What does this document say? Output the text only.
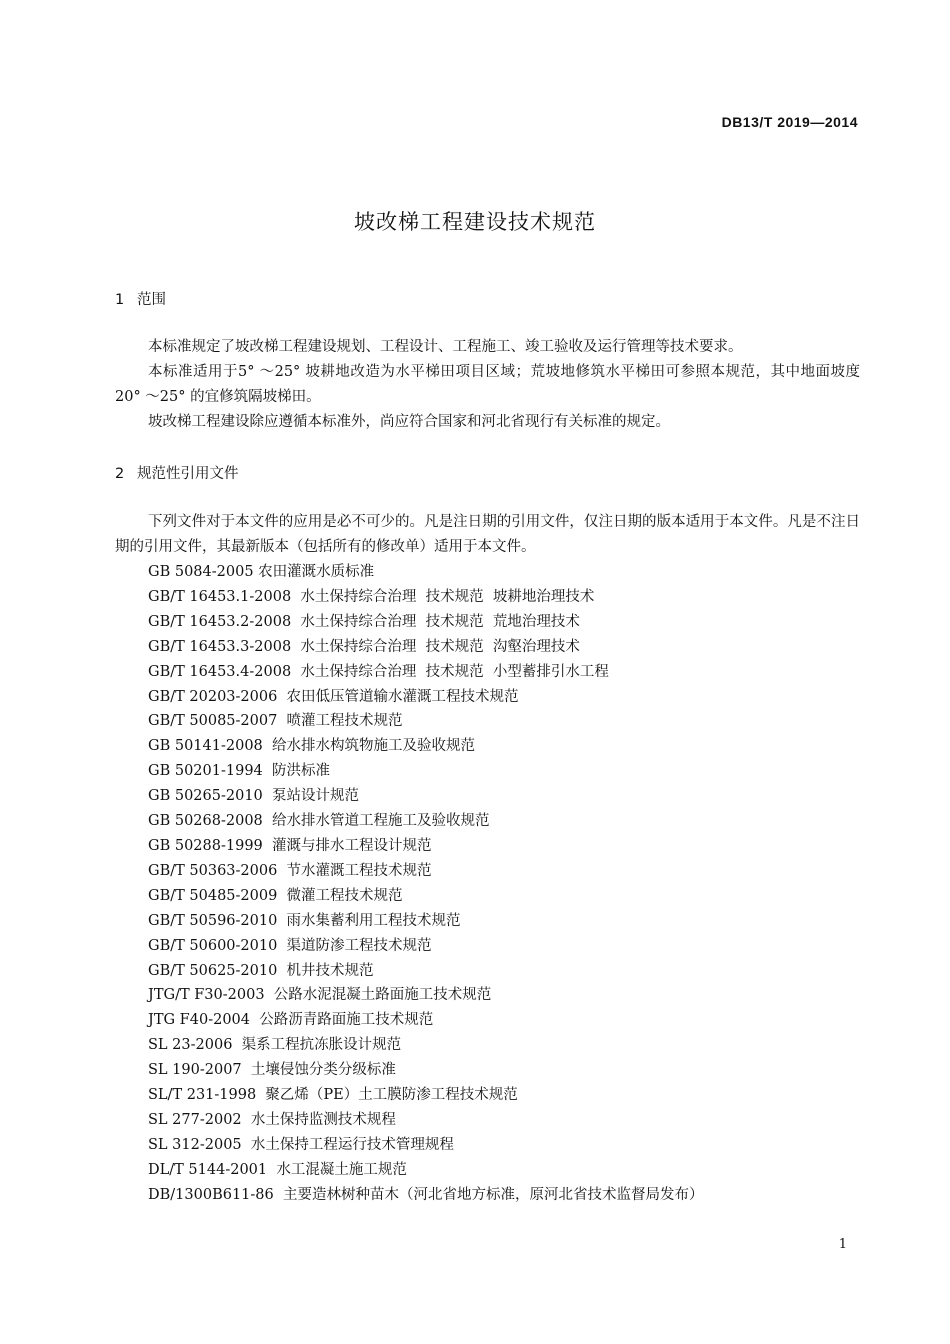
DB13/T 2019—2014
坡改梯工程建设技术规范
1 范围

本标准规定了坡改梯工程建设规划、工程设计、工程施工、竣工验收及运行管理等技术要求。

本标准适用于5° ～25° 坡耕地改造为水平梯田项目区域；荒坡地修筑水平梯田可参照本规范，其中地面坡度20° ～25° 的宜修筑隔坡梯田。

坡改梯工程建设除应遵循本标准外，尚应符合国家和河北省现行有关标准的规定。

2 规范性引用文件

下列文件对于本文件的应用是必不可少的。凡是注日期的引用文件，仅注日期的版本适用于本文件。凡是不注日期的引用文件，其最新版本（包括所有的修改单）适用于本文件。

GB 5084-2005 农田灌溉水质标准
GB/T 16453.1-2008  水土保持综合治理  技术规范  坡耕地治理技术
GB/T 16453.2-2008  水土保持综合治理  技术规范  荒地治理技术
GB/T 16453.3-2008  水土保持综合治理  技术规范  沟壑治理技术
GB/T 16453.4-2008  水土保持综合治理  技术规范  小型蓄排引水工程
GB/T 20203-2006  农田低压管道输水灌溉工程技术规范
GB/T 50085-2007  喷灌工程技术规范
GB 50141-2008  给水排水构筑物施工及验收规范
GB 50201-1994  防洪标准
GB 50265-2010  泵站设计规范
GB 50268-2008  给水排水管道工程施工及验收规范
GB 50288-1999  灌溉与排水工程设计规范
GB/T 50363-2006  节水灌溉工程技术规范
GB/T 50485-2009  微灌工程技术规范
GB/T 50596-2010  雨水集蓄利用工程技术规范
GB/T 50600-2010  渠道防渗工程技术规范
GB/T 50625-2010  机井技术规范
JTG/T F30-2003  公路水泥混凝土路面施工技术规范
JTG F40-2004  公路沥青路面施工技术规范
SL 23-2006  渠系工程抗冻胀设计规范
SL 190-2007  土壤侵蚀分类分级标准
SL/T 231-1998  聚乙烯（PE）土工膜防渗工程技术规范
SL 277-2002  水土保持监测技术规程
SL 312-2005  水土保持工程运行技术管理规程
DL/T 5144-2001  水工混凝土施工规范
DB/1300B611-86  主要造林树种苗木（河北省地方标准，原河北省技术监督局发布）
1
